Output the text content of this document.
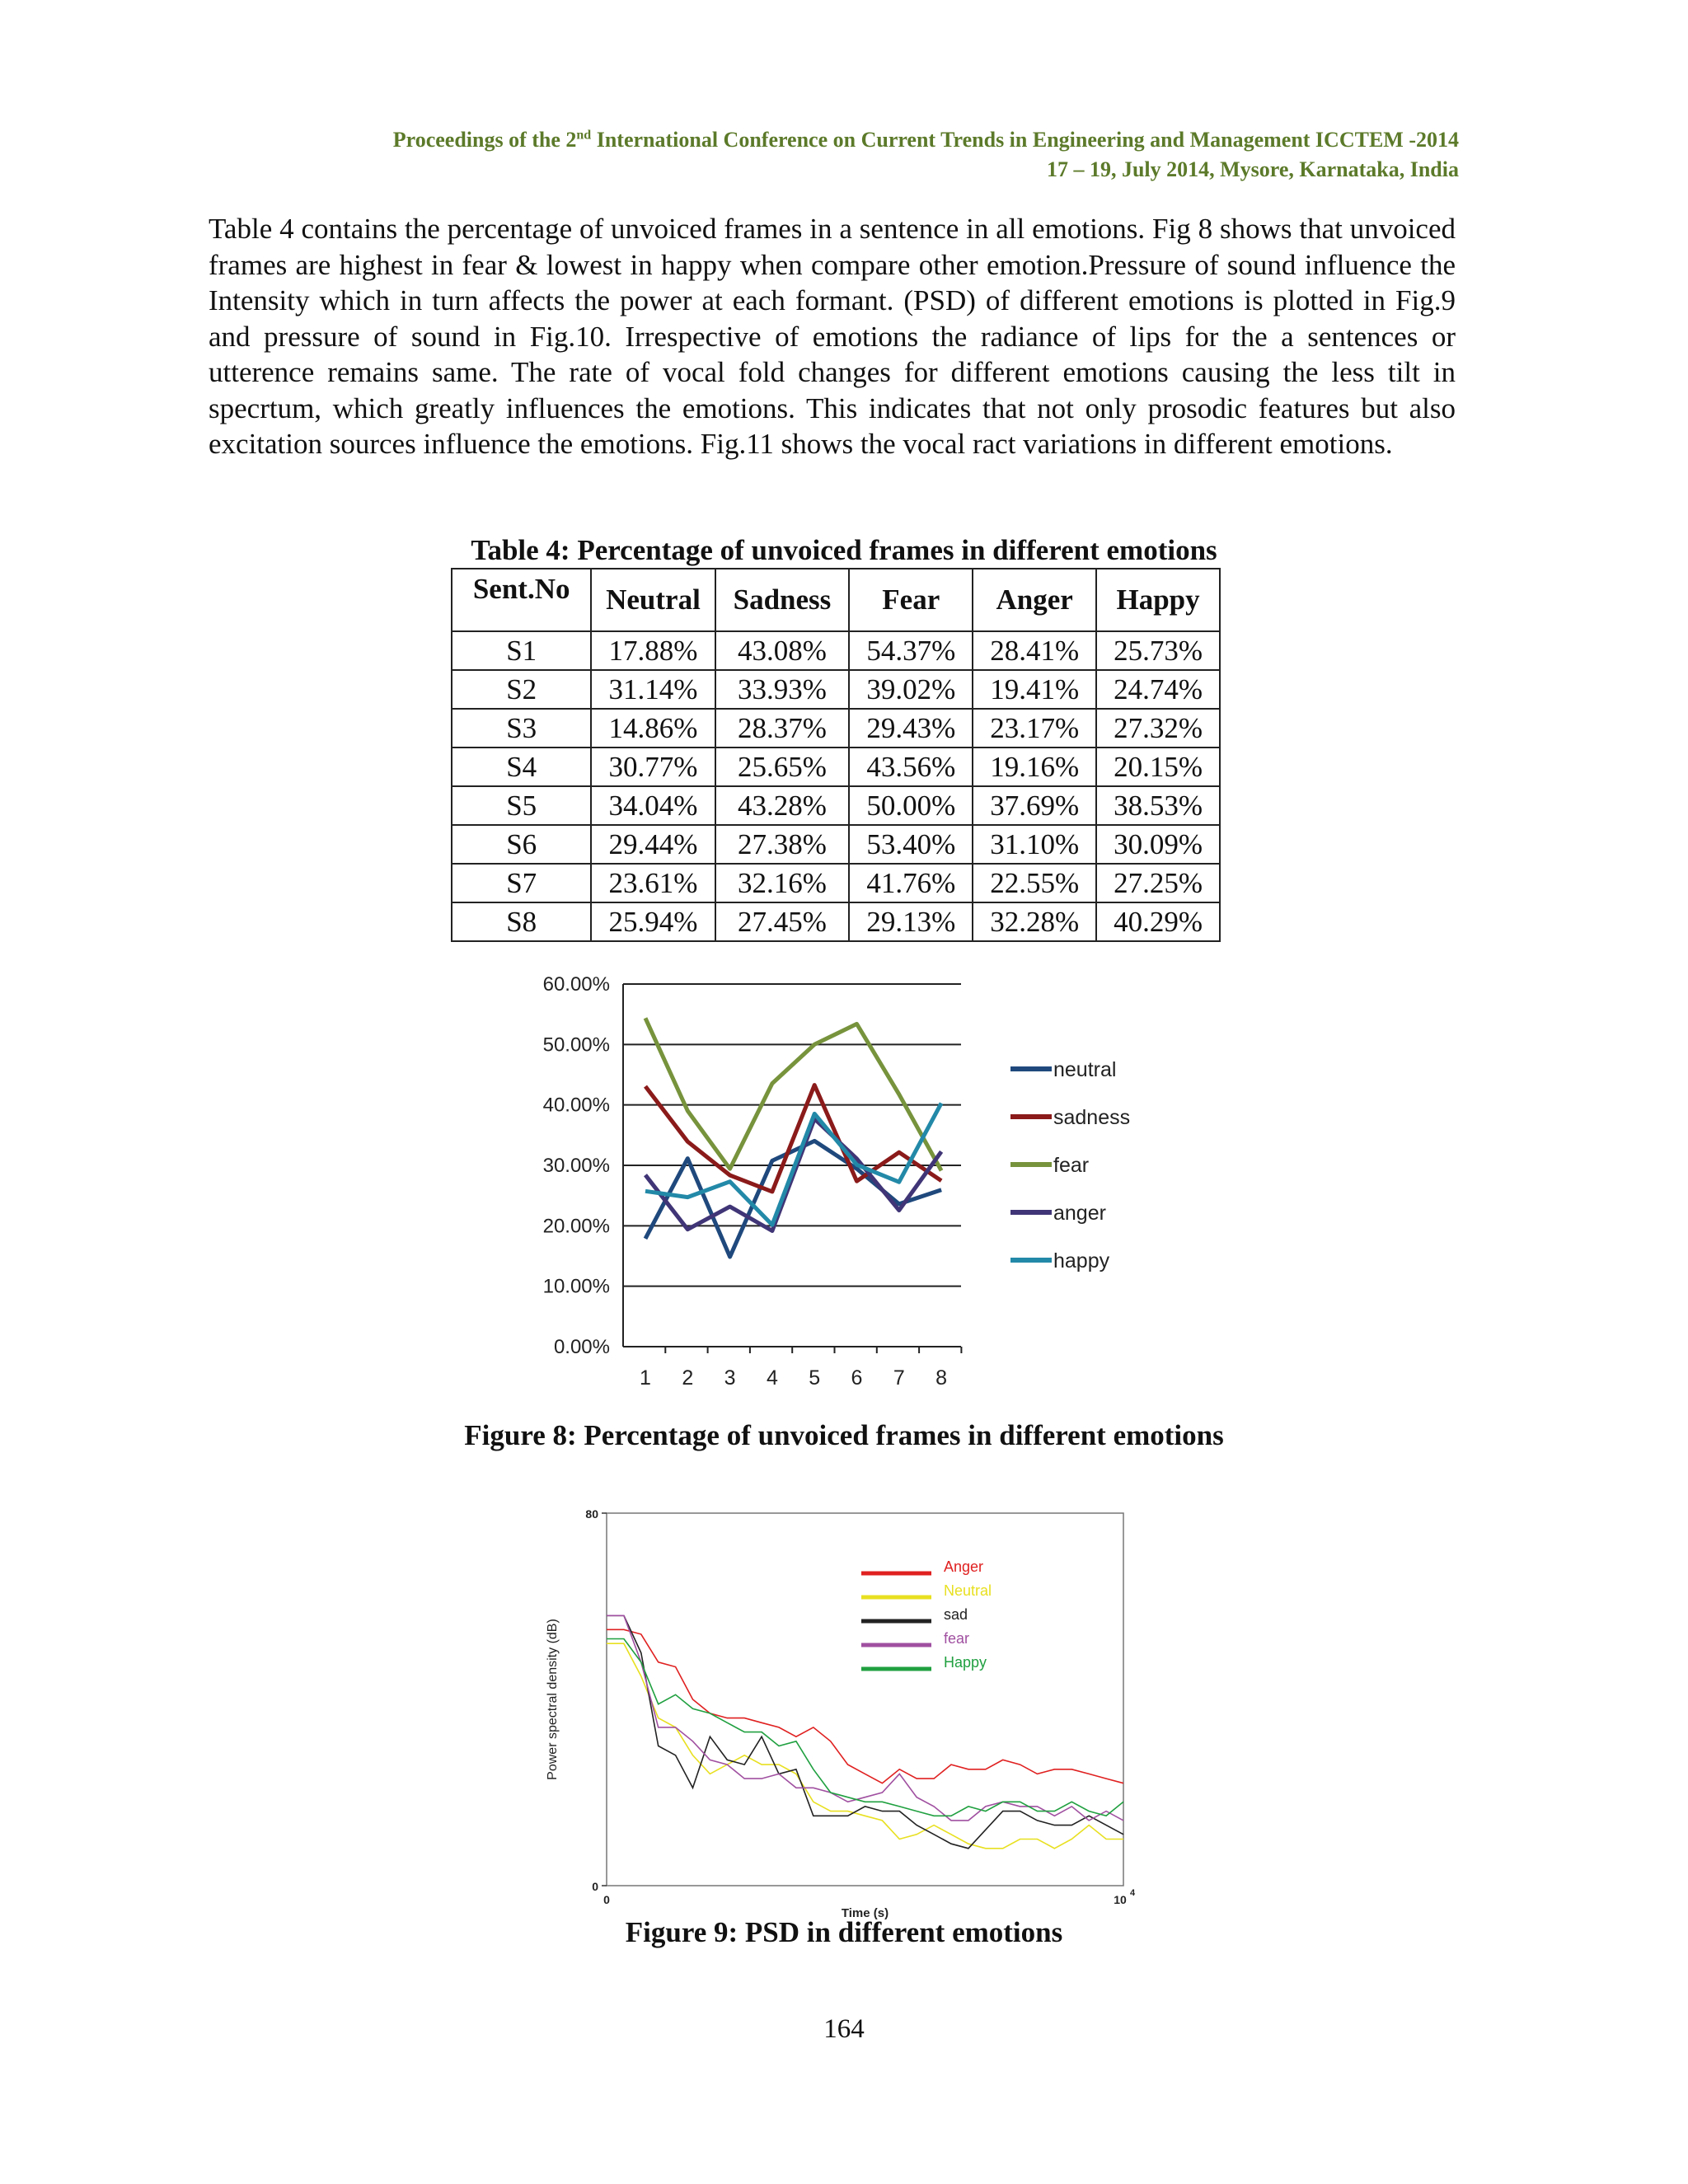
Proceedings of the 2nd International Conference on Current Trends in Engineering and Management ICCTEM -2014
17 – 19, July 2014, Mysore, Karnataka, India

Table 4 contains the percentage of unvoiced frames in a sentence in all emotions. Fig 8 shows that unvoiced frames are highest in fear & lowest in happy when compare other emotion.Pressure of sound influence the Intensity which in turn affects the power at each formant. (PSD) of different emotions is plotted in Fig.9 and pressure of sound in Fig.10. Irrespective of emotions the radiance of lips for the a sentences or utterence remains same. The rate of vocal fold changes for different emotions causing the less tilt in specrtum, which greatly influences the emotions. This indicates that not only prosodic features but also excitation sources influence the emotions. Fig.11 shows the vocal ract variations in different emotions.

Table 4: Percentage of unvoiced frames in different emotions

Sent.No	Neutral	Sadness	Fear	Anger	Happy
S1	17.88%	43.08%	54.37%	28.41%	25.73%
S2	31.14%	33.93%	39.02%	19.41%	24.74%
S3	14.86%	28.37%	29.43%	23.17%	27.32%
S4	30.77%	25.65%	43.56%	19.16%	20.15%
S5	34.04%	43.28%	50.00%	37.69%	38.53%
S6	29.44%	27.38%	53.40%	31.10%	30.09%
S7	23.61%	32.16%	41.76%	22.55%	27.25%
S8	25.94%	27.45%	29.13%	32.28%	40.29%
0.00%
10.00%
20.00%
30.00%
40.00%
50.00%
60.00%
1 2 3 4 5 6 7 8
neutral
sadness
fear
anger
happy

Figure 8: Percentage of unvoiced frames in different emotions

Anger
Neutral
sad
fear
Happy
80
0
0	10 4
Time (s)
Power spectral density (dB)

Figure 9: PSD in different emotions

164
